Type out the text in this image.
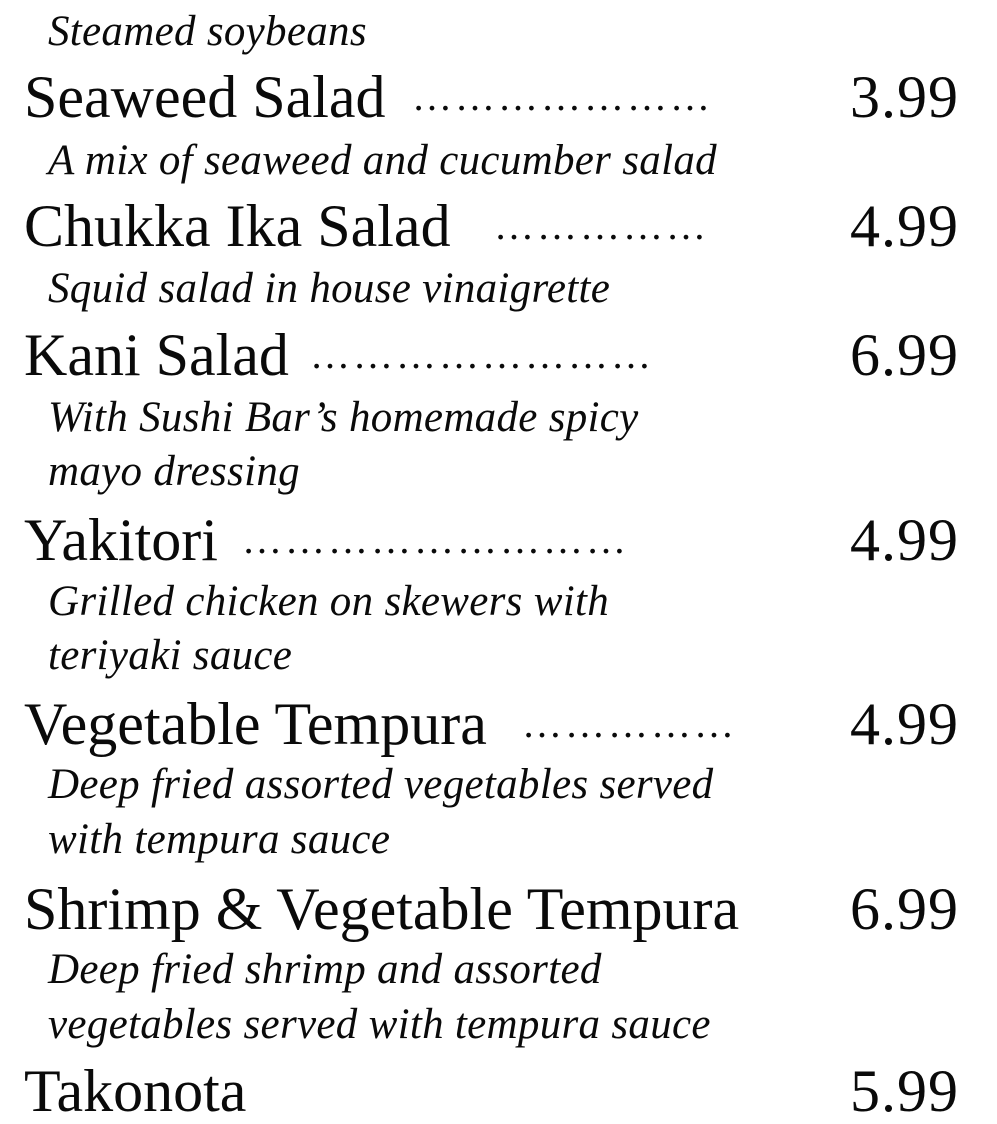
Steamed soybeans
Seaweed Salad …………………	3.99
A mix of seaweed and cucumber salad
Chukka Ika Salad ……………	4.99
Squid salad in house vinaigrette
Kani Salad ……………………	6.99
With Sushi Bar’s homemade spicy
mayo dressing
Yakitori ………………………	4.99
Grilled chicken on skewers with
teriyaki sauce
Vegetable Tempura ……………	4.99
Deep fried assorted vegetables served
with tempura sauce
Shrimp & Vegetable Tempura 6.99
Deep fried shrimp and assorted
vegetables served with tempura sauce
Takonota	5.99
